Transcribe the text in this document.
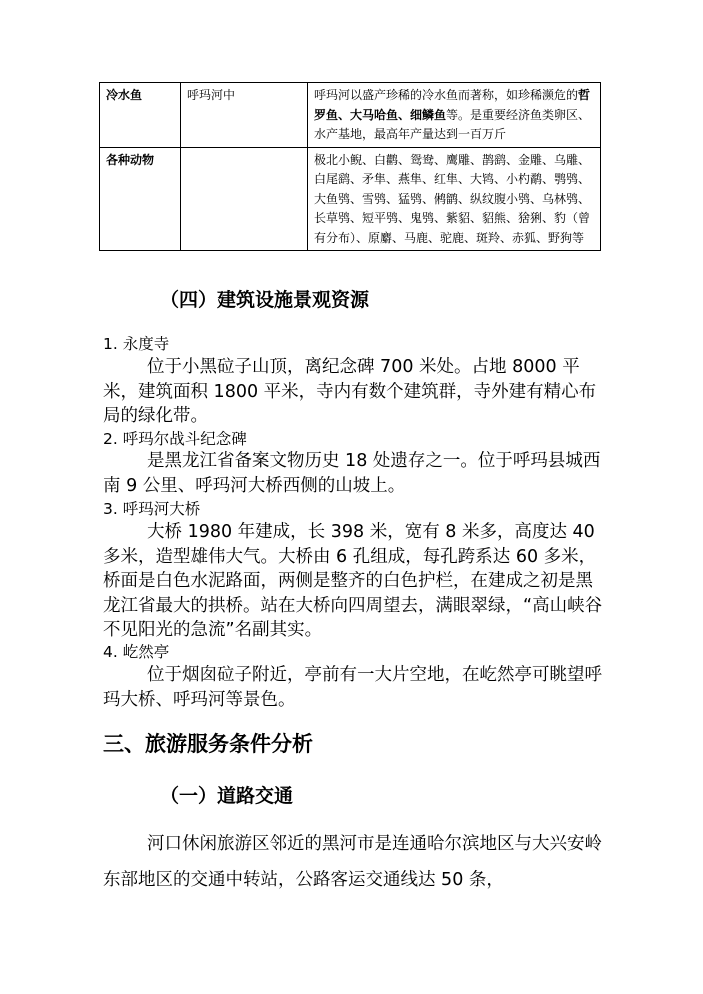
冷水鱼	呼玛河中	呼玛河以盛产珍稀的冷水鱼而著称，如珍稀濒危的哲罗鱼、大马哈鱼、细鳞鱼等。是重要经济鱼类卵区、水产基地，最高年产量达到一百万斤
各种动物		极北小鲵、白鹳、鸳鸯、鹰雕、鹊鹞、金雕、乌雕、白尾鹞、矛隼、燕隼、红隼、大鸨、小杓鹬、鹗鸮、大鱼鸮、雪鸮、猛鸮、鸺鹠、纵纹腹小鸮、乌林鸮、长草鸮、短平鸮、鬼鸮、紫貂、貂熊、猞猁、豹（曾有分布）、原麝、马鹿、驼鹿、斑羚、赤狐、野狗等
（四）建筑设施景观资源
1. 永度寺
位于小黑砬子山顶，离纪念碑 700 米处。占地 8000 平米，建筑面积 1800 平米，寺内有数个建筑群，寺外建有精心布局的绿化带。
2. 呼玛尔战斗纪念碑
是黑龙江省备案文物历史 18 处遗存之一。位于呼玛县城西南 9 公里、呼玛河大桥西侧的山坡上。
3. 呼玛河大桥
大桥 1980 年建成，长 398 米，宽有 8 米多，高度达 40 多米，造型雄伟大气。大桥由 6 孔组成，每孔跨系达 60 多米，桥面是白色水泥路面，两侧是整齐的白色护栏，在建成之初是黑龙江省最大的拱桥。站在大桥向四周望去，满眼翠绿，“高山峡谷不见阳光的急流”名副其实。
4. 屹然亭
位于烟囱砬子附近，亭前有一大片空地，在屹然亭可眺望呼玛大桥、呼玛河等景色。
三、旅游服务条件分析
（一）道路交通
河口休闲旅游区邻近的黑河市是连通哈尔滨地区与大兴安岭东部地区的交通中转站，公路客运交通线达 50 条，
